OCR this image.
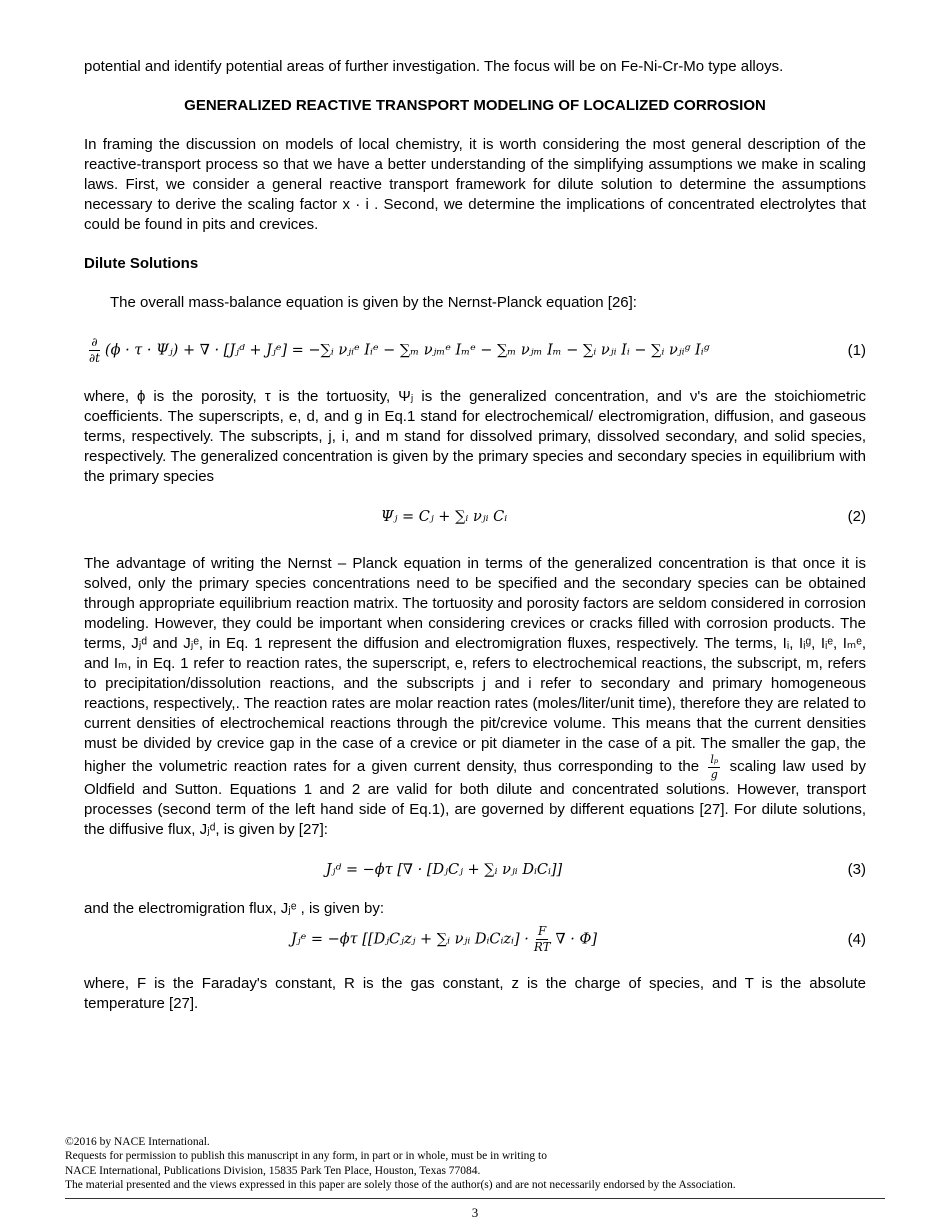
potential and identify potential areas of further investigation. The focus will be on Fe-Ni-Cr-Mo type alloys.

GENERALIZED REACTIVE TRANSPORT MODELING OF LOCALIZED CORROSION

In framing the discussion on models of local chemistry, it is worth considering the most general description of the reactive-transport process so that we have a better understanding of the simplifying assumptions we make in scaling laws. First, we consider a general reactive transport framework for dilute solution to determine the assumptions necessary to derive the scaling factor x · i . Second, we determine the implications of concentrated electrolytes that could be found in pits and crevices.

Dilute Solutions

The overall mass-balance equation is given by the Nernst-Planck equation [26]:

$\frac{\partial}{\partial t} (\phi \cdot \tau$ · Ψⱼ) + ∇ · [Jⱼᵈ + Jⱼᵉ] = −∑ᵢ νⱼᵢᵉ Iᵢᵉ − ∑ₘ νⱼₘᵉ Iₘᵉ − ∑ₘ νⱼₘ Iₘ − ∑ᵢ νⱼᵢ Iᵢ − ∑ᵢ νⱼᵢᵍ Iᵢᵍ	(1)

where, ϕ is the porosity, τ is the tortuosity, Ψⱼ is the generalized concentration, and ν's are the stoichiometric coefficients. The superscripts, e, d, and g in Eq.1 stand for electrochemical/ electromigration, diffusion, and gaseous terms, respectively. The subscripts, j, i, and m stand for dissolved primary, dissolved secondary, and solid species, respectively. The generalized concentration is given by the primary species and secondary species in equilibrium with the primary species

Ψⱼ = Cⱼ + ∑ᵢ νⱼᵢ Cᵢ	(2)

The advantage of writing the Nernst – Planck equation in terms of the generalized concentration is that once it is solved, only the primary species concentrations need to be specified and the secondary species can be obtained through appropriate equilibrium reaction matrix. The tortuosity and porosity factors are seldom considered in corrosion modeling. However, they could be important when considering crevices or cracks filled with corrosion products. The terms, Jⱼᵈ and Jⱼᵉ, in Eq. 1 represent the diffusion and electromigration fluxes, respectively. The terms, Iᵢ, Iᵢᵍ, Iᵢᵉ, Iₘᵉ, and Iₘ, in Eq. 1 refer to reaction rates, the superscript, e, refers to electrochemical reactions, the subscript, m, refers to precipitation/dissolution reactions, and the subscripts j and i refer to secondary and primary homogeneous reactions, respectively,. The reaction rates are molar reaction rates (moles/liter/unit time), therefore they are related to current densities of electrochemical reactions through the pit/crevice volume. This means that the current densities must be divided by crevice gap in the case of a crevice or pit diameter in the case of a pit. The smaller the gap, the higher the volumetric reaction rates for a given current density, thus corresponding to the $\frac{\text{lₚ}}{g}$ scaling law used by Oldfield and Sutton. Equations 1 and 2 are valid for both dilute and concentrated solutions. However, transport processes (second term of the left hand side of Eq.1), are governed by different equations [27]. For dilute solutions, the diffusive flux, Jⱼᵈ, is given by [27]:

Jⱼᵈ = −ϕτ [∇ · [DⱼCⱼ + ∑ᵢ νⱼᵢ DᵢCᵢ]]	(3)

and the electromigration flux, Jⱼᵉ , is given by:

Jⱼᵉ = −ϕτ [[DⱼCⱼzⱼ + ∑ᵢ νⱼᵢ DᵢCᵢzᵢ] · $\frac{F}{RT}$ ∇ · Φ]	(4)

where, F is the Faraday's constant, R is the gas constant, z is the charge of species, and T is the absolute temperature [27].

©2016 by NACE International.

Requests for permission to publish this manuscript in any form, in part or in whole, must be in writing to

NACE International, Publications Division, 15835 Park Ten Place, Houston, Texas 77084.

The material presented and the views expressed in this paper are solely those of the author(s) and are not necessarily endorsed by the Association.

3
